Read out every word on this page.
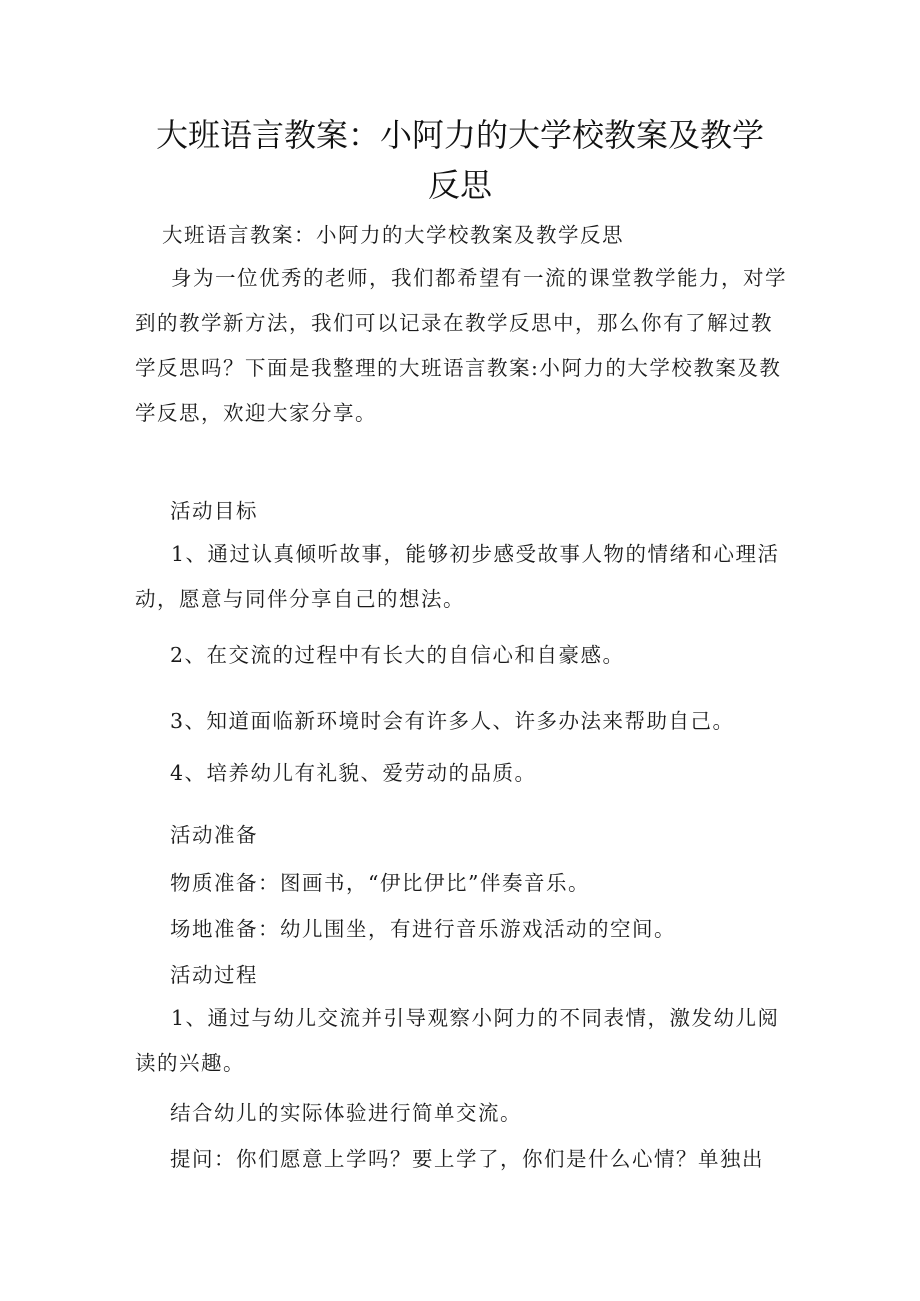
大班语言教案：小阿力的大学校教案及教学
反思

大班语言教案：小阿力的大学校教案及教学反思

身为一位优秀的老师，我们都希望有一流的课堂教学能力，对学到的教学新方法，我们可以记录在教学反思中，那么你有了解过教学反思吗？下面是我整理的大班语言教案:小阿力的大学校教案及教学反思，欢迎大家分享。

活动目标

1、通过认真倾听故事，能够初步感受故事人物的情绪和心理活动，愿意与同伴分享自己的想法。

2、在交流的过程中有长大的自信心和自豪感。

3、知道面临新环境时会有许多人、许多办法来帮助自己。

4、培养幼儿有礼貌、爱劳动的品质。

活动准备

物质准备：图画书，“伊比伊比”伴奏音乐。

场地准备：幼儿围坐，有进行音乐游戏活动的空间。

活动过程

1、通过与幼儿交流并引导观察小阿力的不同表情，激发幼儿阅读的兴趣。

结合幼儿的实际体验进行简单交流。

提问：你们愿意上学吗？要上学了，你们是什么心情？单独出
